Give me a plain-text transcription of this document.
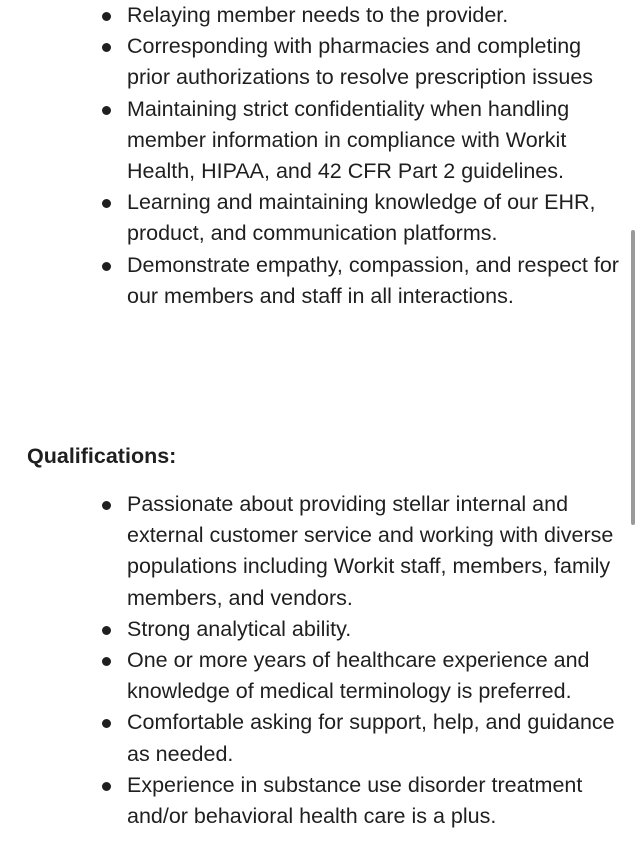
Relaying member needs to the provider.
Corresponding with pharmacies and completing prior authorizations to resolve prescription issues
Maintaining strict confidentiality when handling member information in compliance with Workit Health, HIPAA, and 42 CFR Part 2 guidelines.
Learning and maintaining knowledge of our EHR, product, and communication platforms.
Demonstrate empathy, compassion, and respect for our members and staff in all interactions.
Qualifications:
Passionate about providing stellar internal and external customer service and working with diverse populations including Workit staff, members, family members, and vendors.
Strong analytical ability.
One or more years of healthcare experience and knowledge of medical terminology is preferred.
Comfortable asking for support, help, and guidance as needed.
Experience in substance use disorder treatment and/or behavioral health care is a plus.
